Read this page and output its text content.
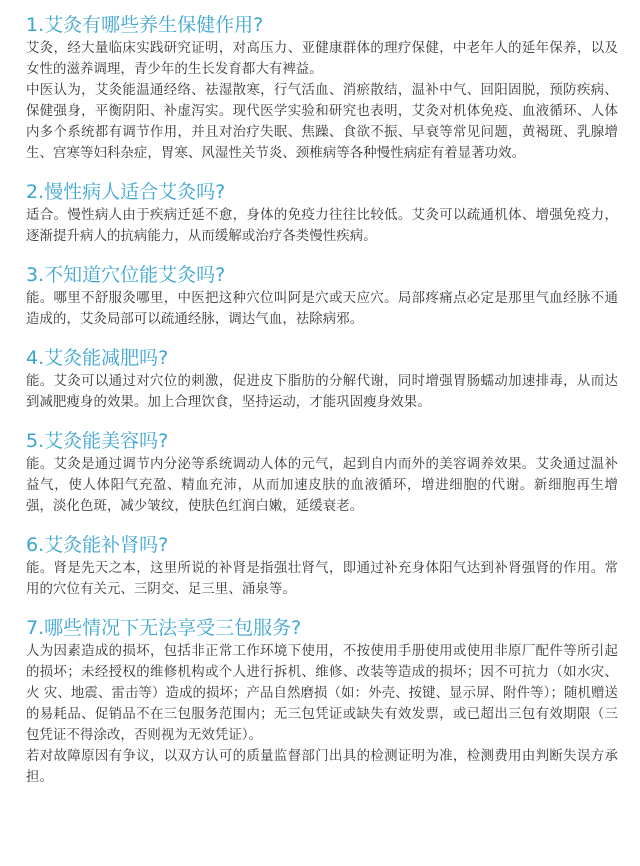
1.艾灸有哪些养生保健作用?

艾灸，经大量临床实践研究证明，对高压力、亚健康群体的理疗保健，中老年人的延年保养，以及女性的滋养调理，青少年的生长发育都大有裨益。

中医认为，艾灸能温通经络、祛湿散寒，行气活血、消瘀散结，温补中气、回阳固脱，预防疾病、保健强身，平衡阴阳、补虚泻实。现代医学实验和研究也表明，艾灸对机体免疫、血液循环、人体内多个系统都有调节作用，并且对治疗失眠、焦躁、食欲不振、早衰等常见问题，黄褐斑、乳腺增生、宫寒等妇科杂症，胃寒、风湿性关节炎、颈椎病等各种慢性病症有着显著功效。

2.慢性病人适合艾灸吗?

适合。慢性病人由于疾病迁延不愈，身体的免疫力往往比较低。艾灸可以疏通机体、增强免疫力，逐渐提升病人的抗病能力，从而缓解或治疗各类慢性疾病。

3.不知道穴位能艾灸吗?

能。哪里不舒服灸哪里，中医把这种穴位叫阿是穴或天应穴。局部疼痛点必定是那里气血经脉不通造成的，艾灸局部可以疏通经脉，调达气血，祛除病邪。

4.艾灸能减肥吗?

能。艾灸可以通过对穴位的刺激，促进皮下脂肪的分解代谢，同时增强胃肠蠕动加速排毒，从而达到减肥瘦身的效果。加上合理饮食，坚持运动，才能巩固瘦身效果。

5.艾灸能美容吗?

能。艾灸是通过调节内分泌等系统调动人体的元气，起到自内而外的美容调养效果。艾灸通过温补益气，使人体阳气充盈、精血充沛，从而加速皮肤的血液循环，增进细胞的代谢。新细胞再生增强，淡化色斑，减少皱纹，使肤色红润白嫩，延缓衰老。

6.艾灸能补肾吗?

能。肾是先天之本，这里所说的补肾是指强壮肾气，即通过补充身体阳气达到补肾强肾的作用。常用的穴位有关元、三阴交、足三里、涌泉等。

7.哪些情况下无法享受三包服务?

人为因素造成的损坏，包括非正常工作环境下使用，不按使用手册使用或使用非原厂配件等所引起的损坏；未经授权的维修机构或个人进行拆机、维修、改装等造成的损坏；因不可抗力（如水灾、火 灾、地震、雷击等）造成的损坏；产品自然磨损（如：外壳、按键、显示屏、附件等）；随机赠送的易耗品、促销品不在三包服务范围内；无三包凭证或缺失有效发票，或已超出三包有效期限（三包凭证不得涂改，否则视为无效凭证）。

若对故障原因有争议，以双方认可的质量监督部门出具的检测证明为准，检测费用由判断失误方承担。
